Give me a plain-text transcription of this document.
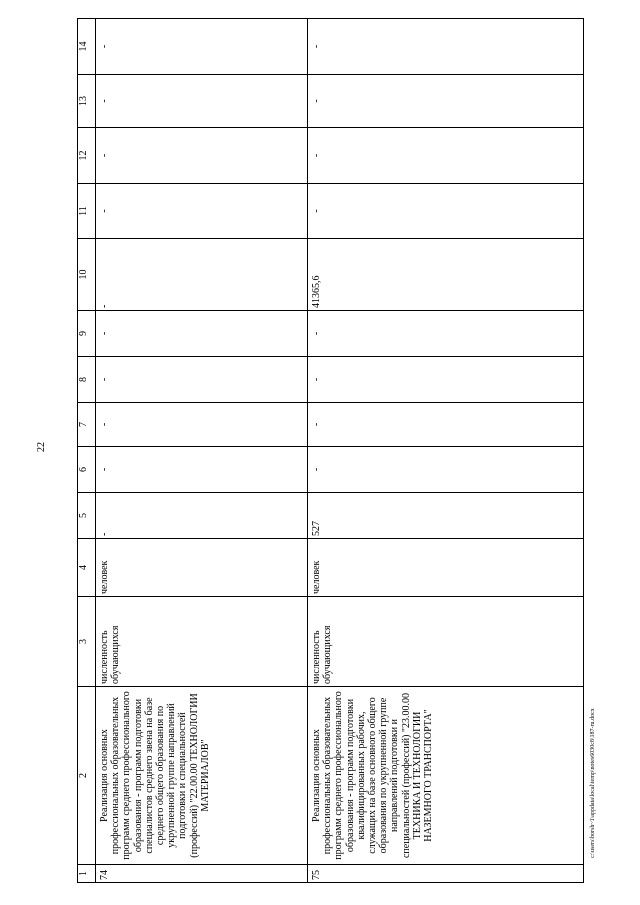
22
1	2	3	4	5	6	7	8	9	10	11	12	13	14
74	Реализация основных профессиональных образовательных программ среднего профессионального образования - программ подготовки специалистов среднего звена на базе среднего общего образования по укрупненной группе направлений подготовки и специальностей (профессий) "22.00.00 ТЕХНОЛОГИИ МАТЕРИАЛОВ"	численность обучающихся	человек	-	-	-	-	-	-	-	-	-	-
75	Реализация основных профессиональных образовательных программ среднего профессионального образования - программ подготовки квалифицированных рабочих, служащих на базе основного общего образования по укрупненной группе направлений подготовки и специальностей (профессий) "23.00.00 ТЕХНИКА И ТЕХНОЛОГИИ НАЗЕМНОГО ТРАНСПОРТА"	численность обучающихся	человек	527	-	-	-	-	41365,6	-	-	-	-
c:\users\borsh~1\appdata\local\temp\notes6030c8\187-ru.docx
